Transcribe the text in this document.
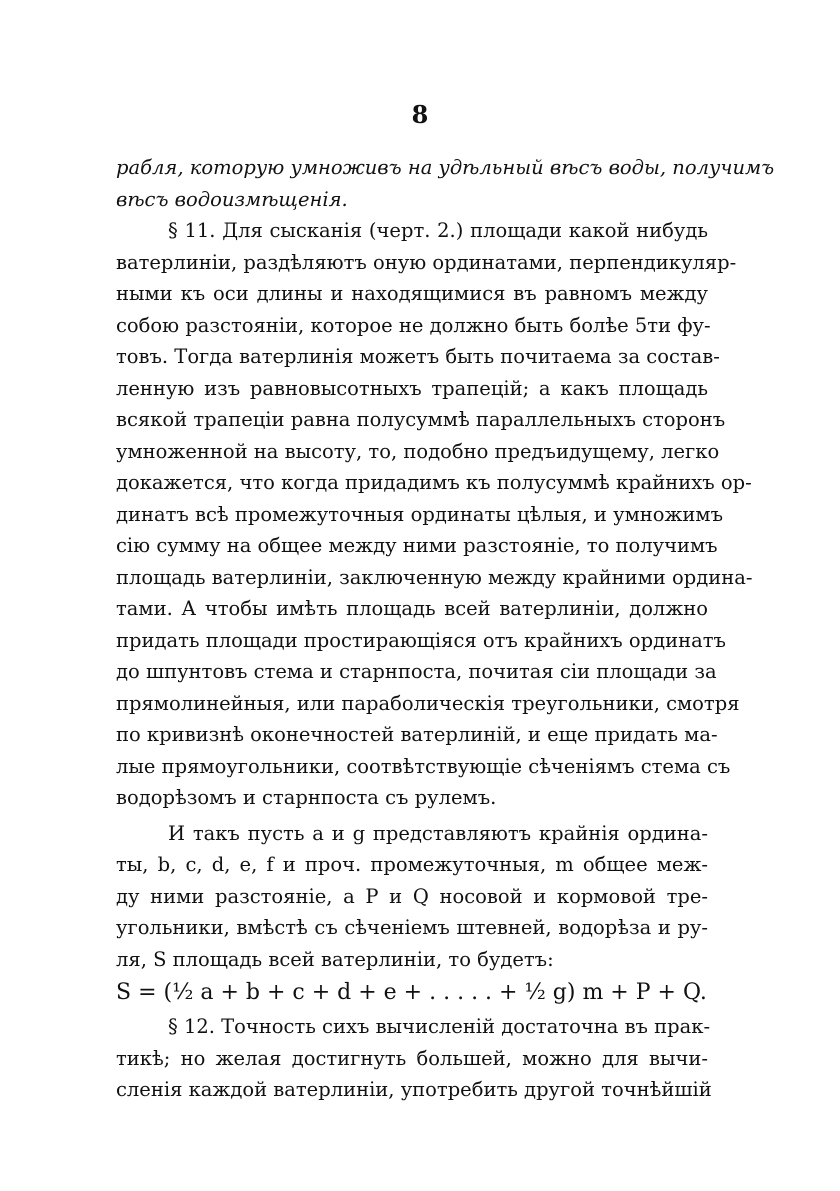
8
рабля, которую умноживъ на удѣльный вѣсъ воды, получимъ
вѣсъ водоизмѣщенія.
§ 11. Для сысканія (черт. 2.) площади какой нибудь
ватерлиніи, раздѣляютъ оную ординатами, перпендикуляр-
ными къ оси длины и находящимися въ равномъ между
собою разстояніи, которое не должно быть болѣе 5ти фу-
товъ. Тогда ватерлинія можетъ быть почитаема за состав-
ленную изъ равновысотныхъ трапецій; а какъ площадь
всякой трапеціи равна полусуммѣ параллельныхъ сторонъ
умноженной на высоту, то, подобно предъидущему, легко
докажется, что когда придадимъ къ полусуммѣ крайнихъ ор-
динатъ всѣ промежуточныя ординаты цѣлыя, и умножимъ
сію сумму на общее между ними разстояніе, то получимъ
площадь ватерлиніи, заключенную между крайними ордина-
тами. А чтобы имѣть площадь всей ватерлиніи, должно
придать площади простирающіяся отъ крайнихъ ординатъ
до шпунтовъ стема и старнпоста, почитая сіи площади за
прямолинейныя, или параболическія треугольники, смотря
по кривизнѣ оконечностей ватерлиній, и еще придать ма-
лые прямоугольники, соотвѣтствующіе сѣченіямъ стема съ
водорѣзомъ и старнпоста съ рулемъ.
И такъ пусть a и g представляютъ крайнія ордина-
ты, b, c, d, e, f и проч. промежуточныя, m общее меж-
ду ними разстояніе, а P и Q носовой и кормовой тре-
угольники, вмѣстѣ съ сѣченіемъ штевней, водорѣза и ру-
ля, S площадь всей ватерлиніи, то будетъ:
S = (½ a + b + c + d + e + . . . . . + ½ g) m + P + Q.
§ 12. Точность сихъ вычисленій достаточна въ прак-
тикѣ; но желая достигнуть большей, можно для вычи-
сленія каждой ватерлиніи, употребить другой точнѣйшій
